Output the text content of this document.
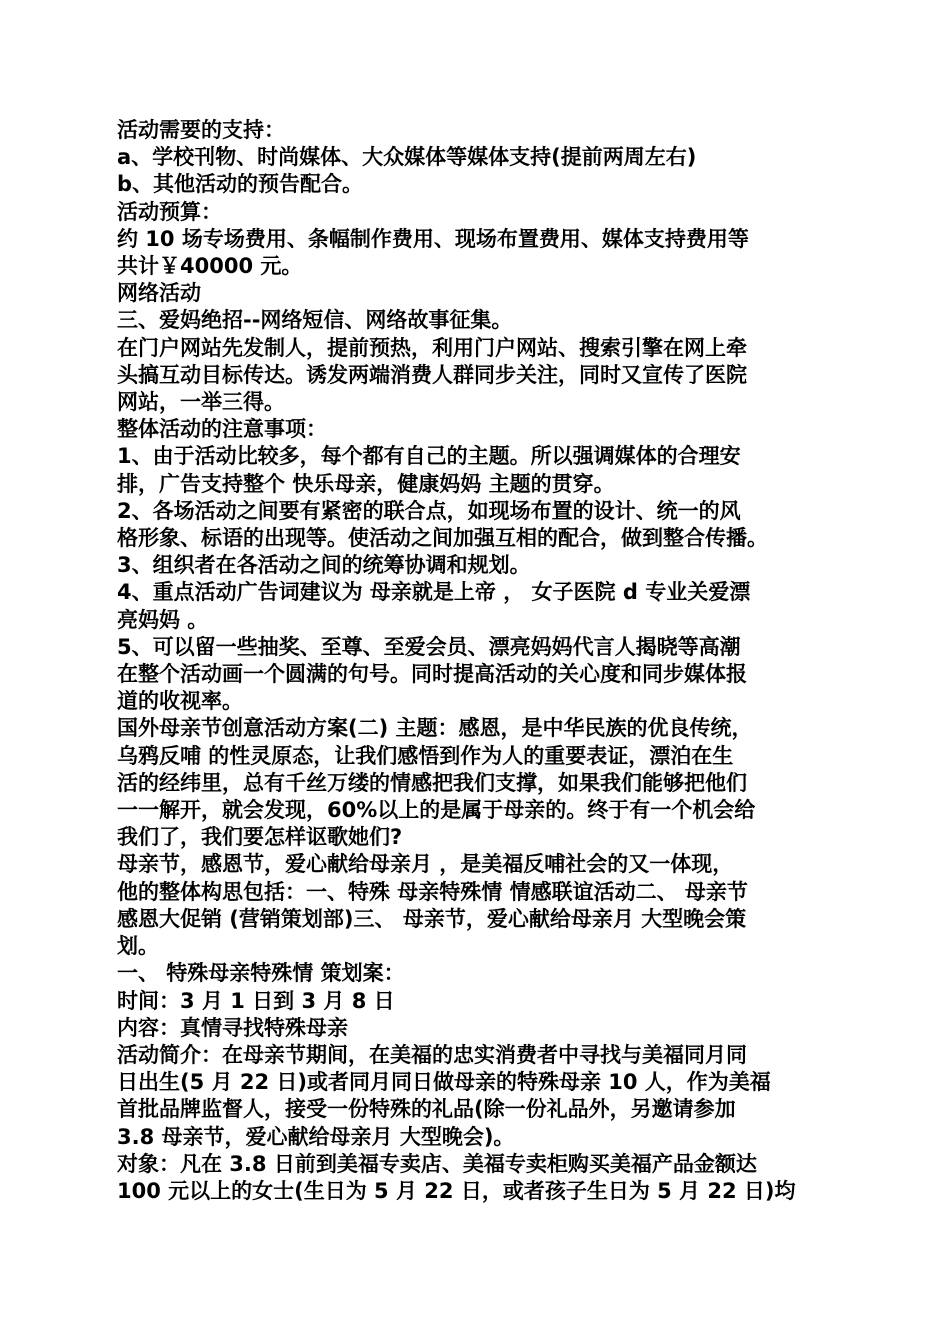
活动需要的支持：
a、学校刊物、时尚媒体、大众媒体等媒体支持(提前两周左右)
b、其他活动的预告配合。
活动预算：
约 10 场专场费用、条幅制作费用、现场布置费用、媒体支持费用等
共计￥40000 元。
网络活动
三、爱妈绝招--网络短信、网络故事征集。
在门户网站先发制人，提前预热，利用门户网站、搜索引擎在网上牵
头搞互动目标传达。诱发两端消费人群同步关注，同时又宣传了医院
网站，一举三得。
整体活动的注意事项：
1、由于活动比较多，每个都有自己的主题。所以强调媒体的合理安
排，广告支持整个 快乐母亲，健康妈妈 主题的贯穿。
2、各场活动之间要有紧密的联合点，如现场布置的设计、统一的风
格形象、标语的出现等。使活动之间加强互相的配合，做到整合传播。
3、组织者在各活动之间的统筹协调和规划。
4、重点活动广告词建议为 母亲就是上帝 ， 女子医院 d 专业关爱漂
亮妈妈 。
5、可以留一些抽奖、至尊、至爱会员、漂亮妈妈代言人揭晓等高潮
在整个活动画一个圆满的句号。同时提高活动的关心度和同步媒体报
道的收视率。
国外母亲节创意活动方案(二) 主题：感恩，是中华民族的优良传统，
乌鸦反哺 的性灵原态，让我们感悟到作为人的重要表证，漂泊在生
活的经纬里，总有千丝万缕的情感把我们支撑，如果我们能够把他们
一一解开，就会发现，60%以上的是属于母亲的。终于有一个机会给
我们了，我们要怎样讴歌她们?
母亲节，感恩节，爱心献给母亲月 ，是美福反哺社会的又一体现，
他的整体构思包括：一、特殊 母亲特殊情 情感联谊活动二、 母亲节
感恩大促销 (营销策划部)三、 母亲节，爱心献给母亲月 大型晚会策
划。
一、 特殊母亲特殊情 策划案：
时间：3 月 1 日到 3 月 8 日
内容：真情寻找特殊母亲
活动简介：在母亲节期间，在美福的忠实消费者中寻找与美福同月同
日出生(5 月 22 日)或者同月同日做母亲的特殊母亲 10 人，作为美福
首批品牌监督人，接受一份特殊的礼品(除一份礼品外，另邀请参加
3.8 母亲节，爱心献给母亲月 大型晚会)。
对象：凡在 3.8 日前到美福专卖店、美福专卖柜购买美福产品金额达
100 元以上的女士(生日为 5 月 22 日，或者孩子生日为 5 月 22 日)均
